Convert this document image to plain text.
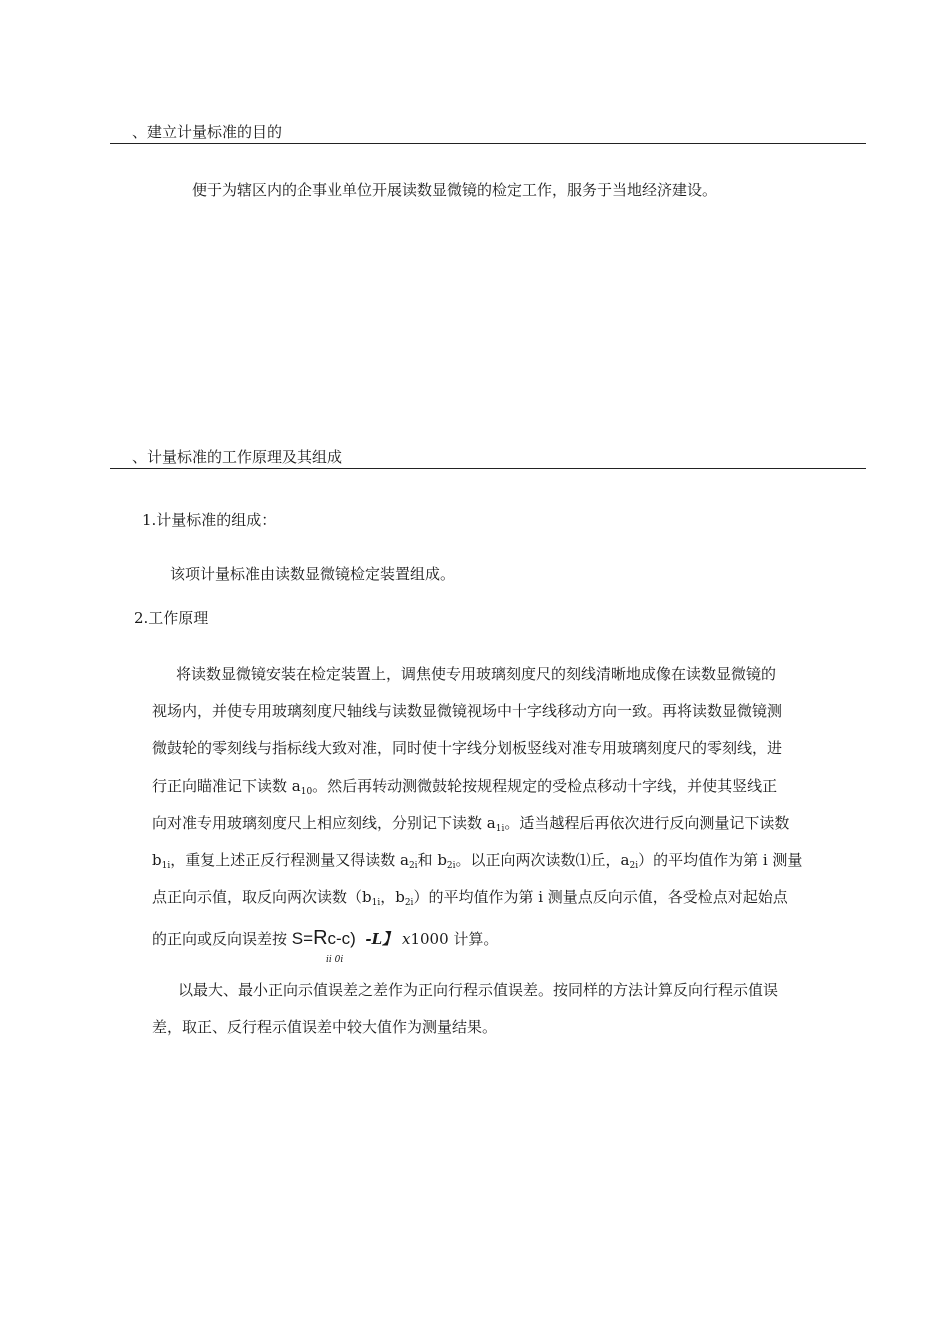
、建立计量标准的目的
便于为辖区内的企事业单位开展读数显微镜的检定工作，服务于当地经济建设。
、计量标准的工作原理及其组成
1.计量标准的组成：
该项计量标准由读数显微镜检定装置组成。
2.工作原理
将读数显微镜安装在检定装置上，调焦使专用玻璃刻度尺的刻线清晰地成像在读数显微镜的
视场内，并使专用玻璃刻度尺轴线与读数显微镜视场中十字线移动方向一致。再将读数显微镜测
微鼓轮的零刻线与指标线大致对准，同时使十字线分划板竖线对准专用玻璃刻度尺的零刻线，进
行正向瞄准记下读数 $a_{10}$。然后再转动测微鼓轮按规程规定的受检点移动十字线，并使其竖线正
向对准专用玻璃刻度尺上相应刻线，分别记下读数 $a_{1i}$。适当越程后再依次进行反向测量记下读数
$b_{1i}$，重复上述正反行程测量又得读数 $a_{2i}$和 $b_{2i}$。以正向两次读数⑴丘，$a_{2i}$）的平均值作为第 i 测量
点正向示值，取反向两次读数（$b_{1i}$，$b_{2i}$）的平均值作为第 i 测量点反向示值，各受检点对起始点
的正向或反向误差按 S=Rc-c) -L】 x1000 计算。
ii 0i
以最大、最小正向示值误差之差作为正向行程示值误差。按同样的方法计算反向行程示值误
差，取正、反行程示值误差中较大值作为测量结果。
